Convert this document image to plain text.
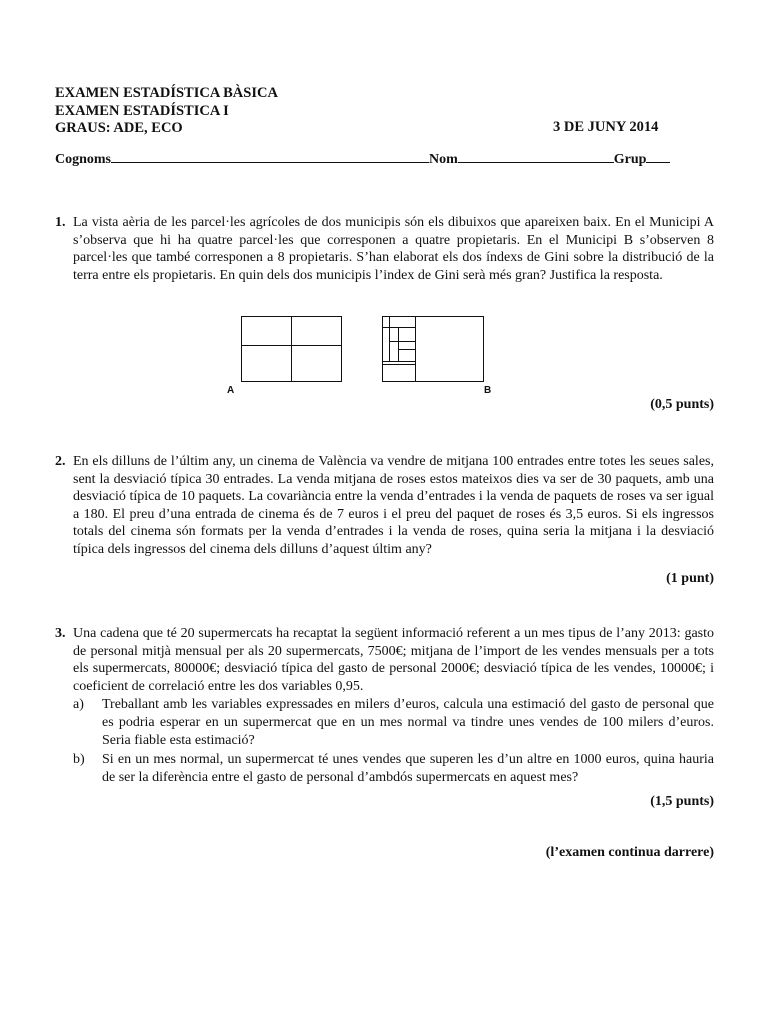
EXAMEN ESTADÍSTICA BÀSICA
EXAMEN ESTADÍSTICA I
GRAUS: ADE, ECO	3 DE JUNY 2014
Cognoms	Nom	Grup
1. La vista aèria de les parcel·les agrícoles de dos municipis són els dibuixos que apareixen baix. En el Municipi A s’observa que hi ha quatre parcel·les que corresponen a quatre propietaris. En el Municipi B s’observen 8 parcel·les que també corresponen a 8 propietaris. S’han elaborat els dos índexs de Gini sobre la distribució de la terra entre els propietaris. En quin dels dos municipis l’index de Gini serà més gran? Justifica la resposta.
A	B
(0,5 punts)
2. En els dilluns de l’últim any, un cinema de València va vendre de mitjana 100 entrades entre totes les seues sales, sent la desviació típica 30 entrades. La venda mitjana de roses estos mateixos dies va ser de 30 paquets, amb una desviació típica de 10 paquets. La covariància entre la venda d’entrades i la venda de paquets de roses va ser igual a 180. El preu d’una entrada de cinema és de 7 euros i el preu del paquet de roses és 3,5 euros. Si els ingressos totals del cinema són formats per la venda d’entrades i la venda de roses, quina seria la mitjana i la desviació típica dels ingressos del cinema dels dilluns d’aquest últim any?
(1 punt)
3. Una cadena que té 20 supermercats ha recaptat la següent informació referent a un mes tipus de l’any 2013: gasto de personal mitjà mensual per als 20 supermercats, 7500€; mitjana de l’import de les vendes mensuals per a tots els supermercats, 80000€; desviació típica del gasto de personal 2000€; desviació típica de les vendes, 10000€; i coeficient de correlació entre les dos variables 0,95.
a) Treballant amb les variables expressades en milers d’euros, calcula una estimació del gasto de personal que es podria esperar en un supermercat que en un mes normal va tindre unes vendes de 100 milers d’euros. Seria fiable esta estimació?
b) Si en un mes normal, un supermercat té unes vendes que superen les d’un altre en 1000 euros, quina hauria de ser la diferència entre el gasto de personal d’ambdós supermercats en aquest mes?
(1,5 punts)
(l’examen continua darrere)
